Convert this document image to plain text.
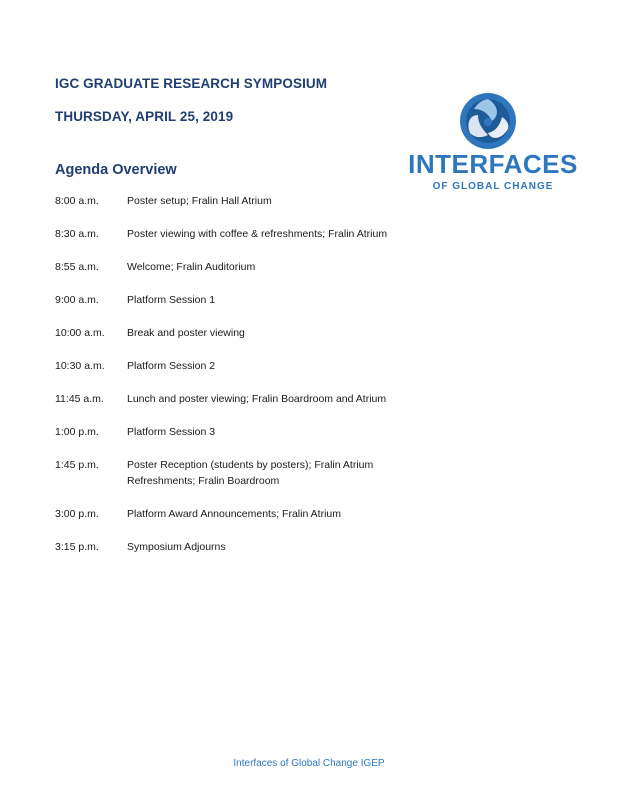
IGC GRADUATE RESEARCH SYMPOSIUM
THURSDAY, APRIL 25, 2019
INTERFACES
OF GLOBAL CHANGE
Agenda Overview
8:00 a.m.	Poster setup; Fralin Hall Atrium
8:30 a.m.	Poster viewing with coffee & refreshments; Fralin Atrium
8:55 a.m.	Welcome; Fralin Auditorium
9:00 a.m.	Platform Session 1
10:00 a.m.	Break and poster viewing
10:30 a.m.	Platform Session 2
11:45 a.m.	Lunch and poster viewing; Fralin Boardroom and Atrium
1:00 p.m.	Platform Session 3
1:45 p.m.	Poster Reception (students by posters); Fralin Atrium
Refreshments; Fralin Boardroom
3:00 p.m.	Platform Award Announcements; Fralin Atrium
3:15 p.m.	Symposium Adjourns
Interfaces of Global Change IGEP
